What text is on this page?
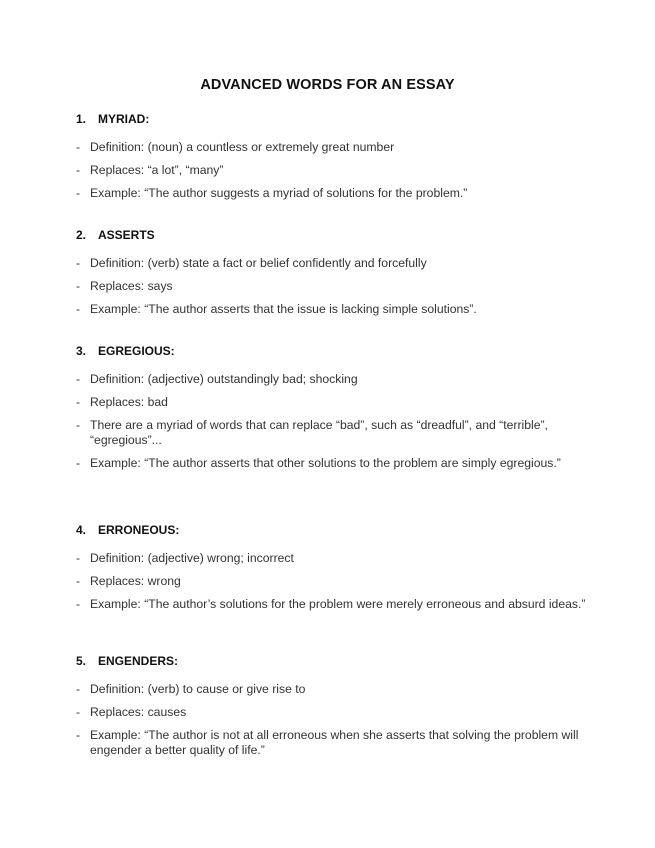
ADVANCED WORDS FOR AN ESSAY
1. MYRIAD:
- Definition: (noun) a countless or extremely great number
- Replaces: “a lot”, “many”
- Example: “The author suggests a myriad of solutions for the problem.”
2. ASSERTS
- Definition: (verb) state a fact or belief confidently and forcefully
- Replaces: says
- Example: “The author asserts that the issue is lacking simple solutions”.
3. EGREGIOUS:
- Definition: (adjective) outstandingly bad; shocking
- Replaces: bad
- There are a myriad of words that can replace “bad”, such as “dreadful”, and “terrible”, “egregious”...
- Example: “The author asserts that other solutions to the problem are simply egregious.”
4. ERRONEOUS:
- Definition: (adjective) wrong; incorrect
- Replaces: wrong
- Example: “The author’s solutions for the problem were merely erroneous and absurd ideas.”
5. ENGENDERS:
- Definition: (verb) to cause or give rise to
- Replaces: causes
- Example: “The author is not at all erroneous when she asserts that solving the problem will engender a better quality of life.”
